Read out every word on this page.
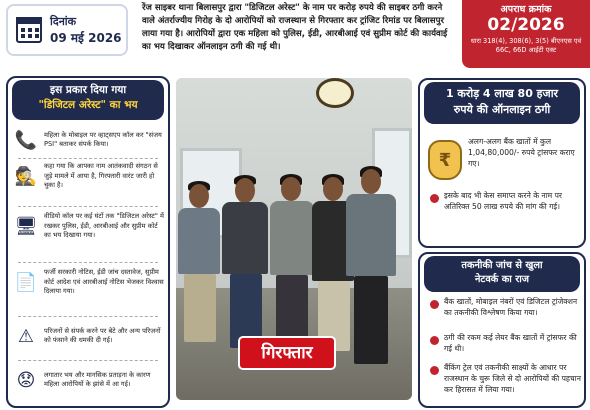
दिनांक
09 मई 2026
रेंज साइबर थाना बिलासपुर द्वारा "डिजिटल अरेस्ट" के नाम पर करोड़ रुपये की साइबर ठगी करने वाले अंतर्राज्यीय गिरोह के दो आरोपियों को राजस्थान से गिरफ्तार कर ट्रांजिट रिमांड पर बिलासपुर लाया गया है। आरोपियों द्वारा एक महिला को पुलिस, ईडी, आरबीआई एवं सुप्रीम कोर्ट की कार्यवाई का भय दिखाकर ऑनलाइन ठगी की गई थी।
अपराध क्रमांक
02/2026
धारा 318(4), 308(6), 3(5) बीएनएस एवं 66C, 66D आईटी एक्ट
इस प्रकार दिया गया
"डिजिटल अरेस्ट" का भय
📞	महिला के मोबाइल पर व्हाट्सएप कॉल कर "संजय PSI" बताकर संपर्क किया।
🕵	कहा गया कि आपका नाम आतंकवादी संगठन से जुड़े मामले में आया है, गिरफ्तारी वारंट जारी हो चुका है।
🖥 वीडियो कॉल पर कई घंटों तक "डिजिटल अरेस्ट" में रखकर पुलिस, ईडी, आरबीआई और सुप्रीम कोर्ट का भय दिखाया गया।
📄	फर्जी सरकारी नोटिस, ईडी जांच दस्तावेज, सुप्रीम कोर्ट आदेश एवं आरबीआई नोटिस भेजकर विश्वास दिलाया गया।
⚠	परिजनों से संपर्क करने पर बेटे और अन्य परिजनों को फंसाने की धमकी दी गई।
😟	लगातार भय और मानसिक प्रताड़ना के कारण महिला आरोपियों के झांसे में आ गई।
गिरफ्तार
1 करोड़ 4 लाख 80 हजार
रुपये की ऑनलाइन ठगी
₹
अलग-अलग बैंक खातों में कुल 1,04,80,000/- रुपये ट्रांसफर कराए गए।
इसके बाद भी केस समाप्त करने के नाम पर अतिरिक्त 50 लाख रुपये की मांग की गई।
तकनीकी जांच से खुला
नेटवर्क का राज
बैंक खातों, मोबाइल नंबरों एवं डिजिटल ट्रांजेक्शन का तकनीकी विश्लेषण किया गया।
ठगी की रकम कई लेयर बैंक खातों में ट्रांसफर की गई थी।
बैंकिंग ट्रेल एवं तकनीकी साक्ष्यों के आधार पर राजस्थान के चुरू जिले से दो आरोपियों की पहचान कर हिरासत में लिया गया।
